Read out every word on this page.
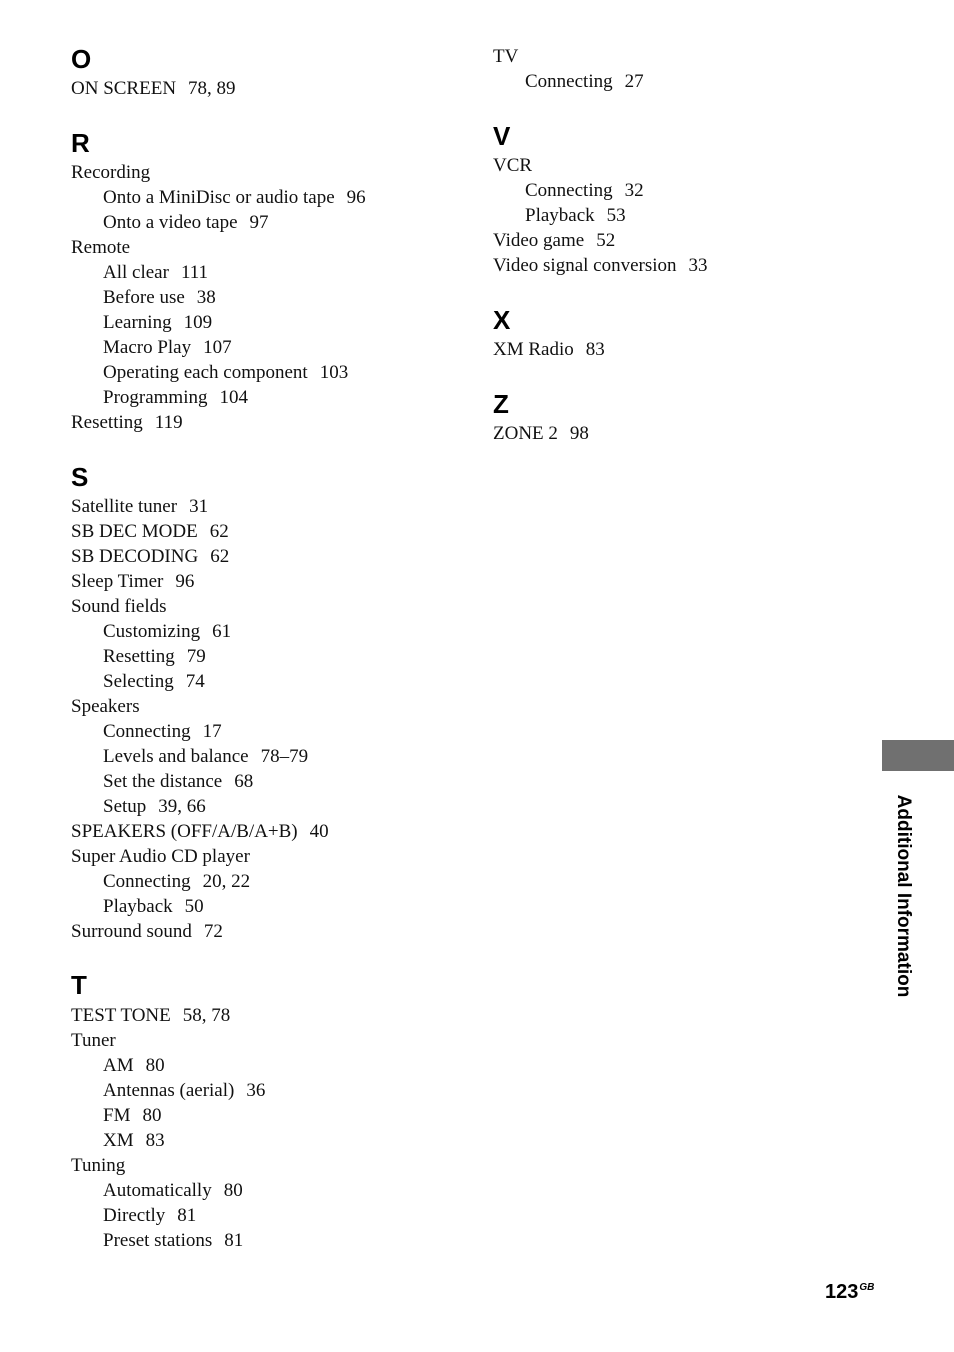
O
ON SCREEN 78, 89
R
Recording
Onto a MiniDisc or audio tape 96
Onto a video tape 97
Remote
All clear 111
Before use 38
Learning 109
Macro Play 107
Operating each component 103
Programming 104
Resetting 119
S
Satellite tuner 31
SB DEC MODE 62
SB DECODING 62
Sleep Timer 96
Sound fields
Customizing 61
Resetting 79
Selecting 74
Speakers
Connecting 17
Levels and balance 78–79
Set the distance 68
Setup 39, 66
SPEAKERS (OFF/A/B/A+B) 40
Super Audio CD player
Connecting 20, 22
Playback 50
Surround sound 72
T
TEST TONE 58, 78
Tuner
AM 80
Antennas (aerial) 36
FM 80
XM 83
Tuning
Automatically 80
Directly 81
Preset stations 81
TV
Connecting 27
V
VCR
Connecting 32
Playback 53
Video game 52
Video signal conversion 33
X
XM Radio 83
Z
ZONE 2 98
Additional Information
$123^{GB}$
